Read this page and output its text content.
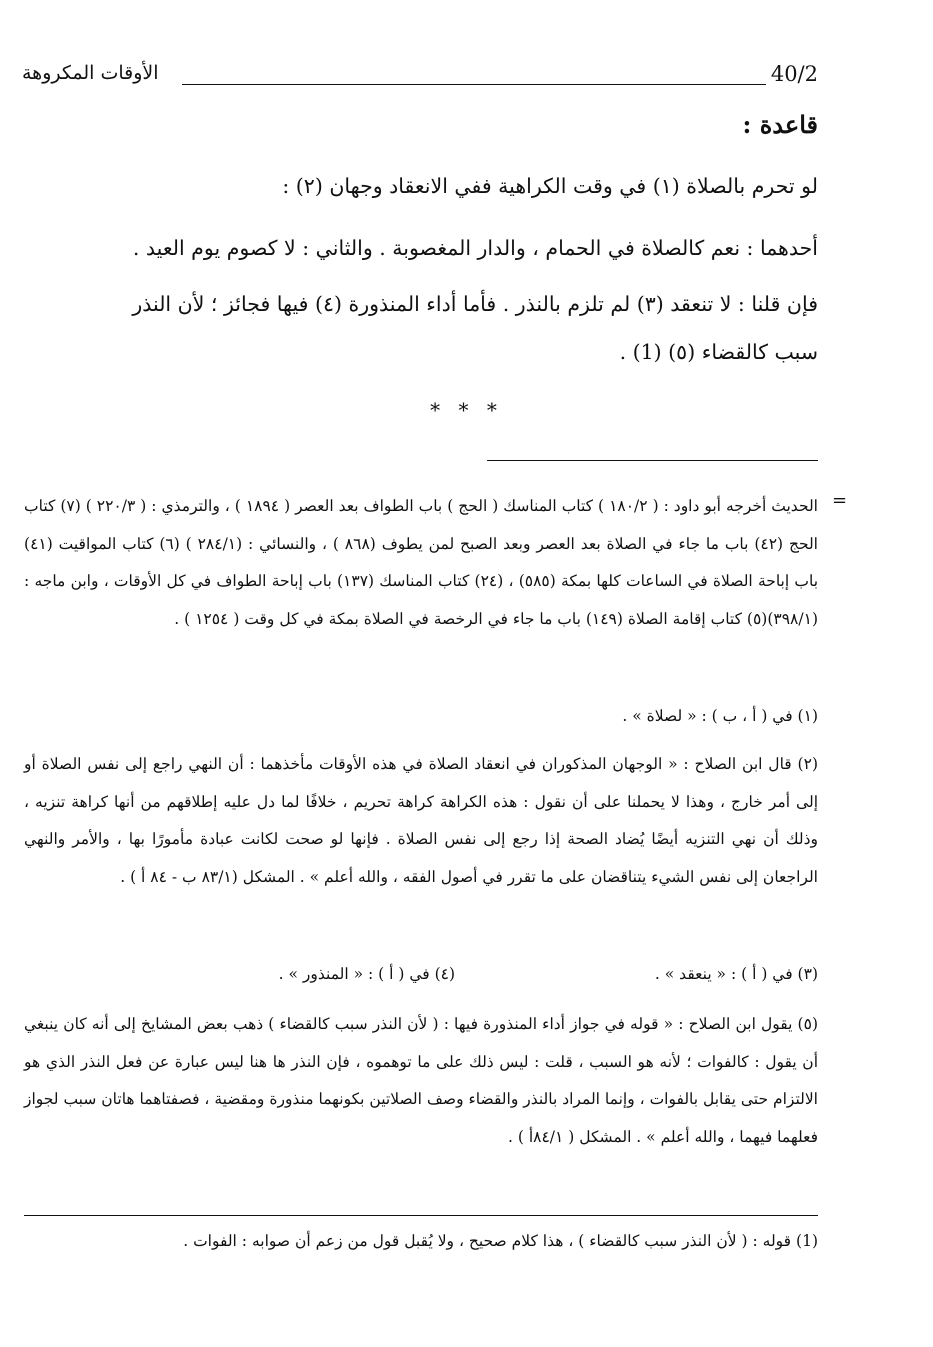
الأوقات المكروهة	40/2
قاعدة :
لو تحرم بالصلاة (١) في وقت الكراهية ففي الانعقاد وجهان (٢) :
أحدهما : نعم كالصلاة في الحمام ، والدار المغصوبة . والثاني : لا كصوم يوم العيد .
فإن قلنا : لا تنعقد (٣) لم تلزم بالنذر . فأما أداء المنذورة (٤) فيها فجائز ؛ لأن النذر
سبب كالقضاء (٥) (1) .
* * *
=
الحديث أخرجه أبو داود : ( ١٨٠/٢ ) كتاب المناسك ( الحج ) باب الطواف بعد العصر ( ١٨٩٤ ) ، والترمذي : ( ٢٢٠/٣ ) (٧) كتاب الحج (٤٢) باب ما جاء في الصلاة بعد العصر وبعد الصبح لمن يطوف (٨٦٨ ) ، والنسائي : (٢٨٤/١ ) (٦) كتاب المواقيت (٤١) باب إباحة الصلاة في الساعات كلها بمكة (٥٨٥) ، (٢٤) كتاب المناسك (١٣٧) باب إباحة الطواف في كل الأوقات ، وابن ماجه : (٣٩٨/١)(٥) كتاب إقامة الصلاة (١٤٩) باب ما جاء في الرخصة في الصلاة بمكة في كل وقت ( ١٢٥٤ ) .
(١) في ( أ ، ب ) : « لصلاة » .
(٢) قال ابن الصلاح : « الوجهان المذكوران في انعقاد الصلاة في هذه الأوقات مأخذهما : أن النهي راجع إلى نفس الصلاة أو إلى أمر خارج ، وهذا لا يحملنا على أن نقول : هذه الكراهة كراهة تحريم ، خلافًا لما دل عليه إطلاقهم من أنها كراهة تنزيه ، وذلك أن نهي التنزيه أيضًا يُضاد الصحة إذا رجع إلى نفس الصلاة . فإنها لو صحت لكانت عبادة مأمورًا بها ، والأمر والنهي الراجعان إلى نفس الشيء يتناقضان على ما تقرر في أصول الفقه ، والله أعلم » . المشكل (٨٣/١ ب - ٨٤ أ ) .
(٣) في ( أ ) : « ينعقد » .  (٤) في ( أ ) : « المنذور » .
(٥) يقول ابن الصلاح : « قوله في جواز أداء المنذورة فيها : ( لأن النذر سبب كالقضاء ) ذهب بعض المشايخ إلى أنه كان ينبغي أن يقول : كالفوات ؛ لأنه هو السبب ، قلت : ليس ذلك على ما توهموه ، فإن النذر ها هنا ليس عبارة عن فعل النذر الذي هو الالتزام حتى يقابل بالفوات ، وإنما المراد بالنذر والقضاء وصف الصلاتين بكونهما منذورة ومقضية ، فصفتاهما هاتان سبب لجواز فعلهما فيهما ، والله أعلم » . المشكل ( ٨٤/١أ ) .
(1) قوله : ( لأن النذر سبب كالقضاء ) ، هذا كلام صحيح ، ولا يُقبل قول من زعم أن صوابه : الفوات .
